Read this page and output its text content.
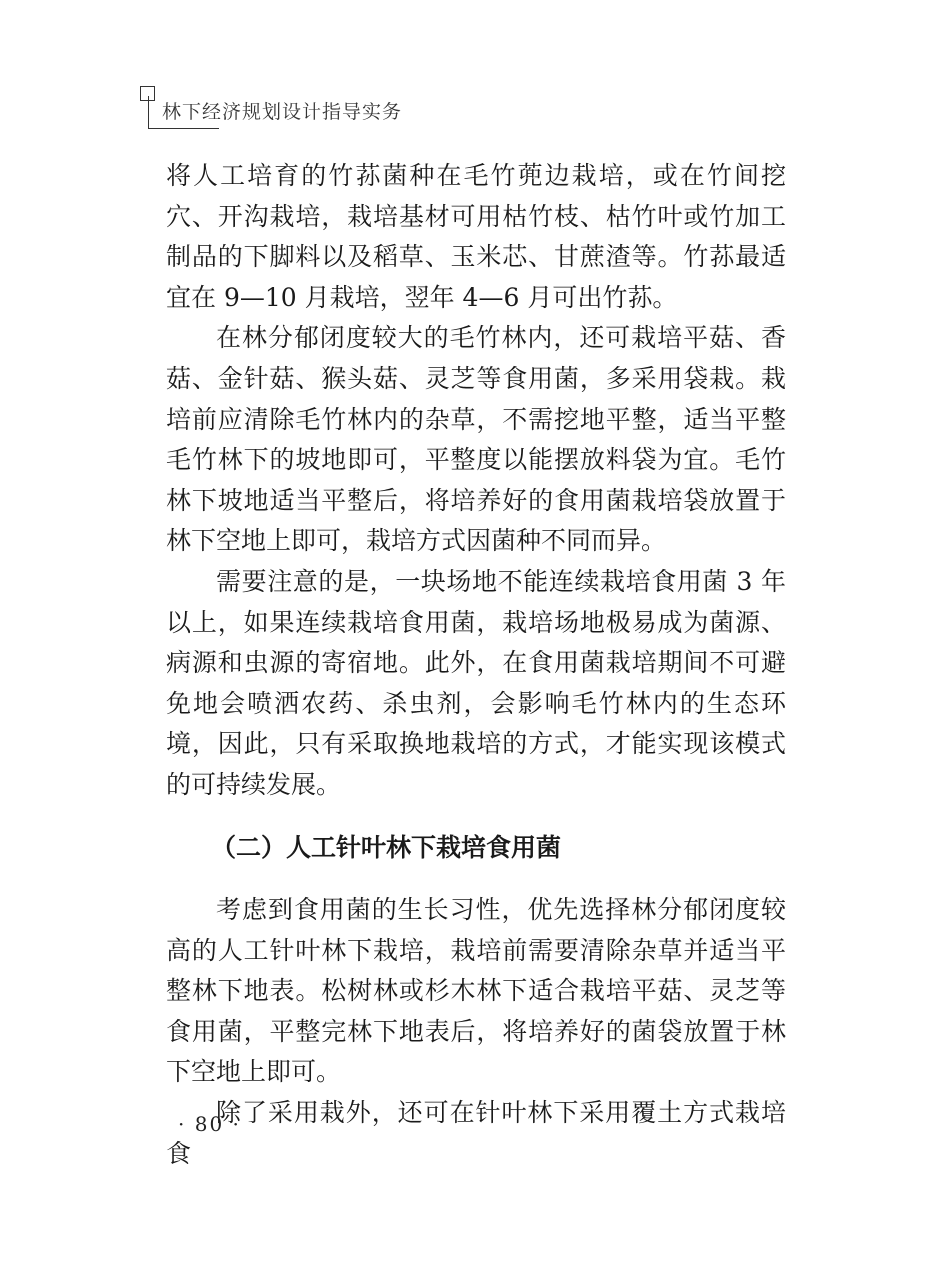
林下经济规划设计指导实务

将人工培育的竹荪菌种在毛竹蔸边栽培，或在竹间挖穴、开沟栽培，栽培基材可用枯竹枝、枯竹叶或竹加工制品的下脚料以及稻草、玉米芯、甘蔗渣等。竹荪最适宜在 9—10 月栽培，翌年 4—6 月可出竹荪。

在林分郁闭度较大的毛竹林内，还可栽培平菇、香菇、金针菇、猴头菇、灵芝等食用菌，多采用袋栽。栽培前应清除毛竹林内的杂草，不需挖地平整，适当平整毛竹林下的坡地即可，平整度以能摆放料袋为宜。毛竹林下坡地适当平整后，将培养好的食用菌栽培袋放置于林下空地上即可，栽培方式因菌种不同而异。

需要注意的是，一块场地不能连续栽培食用菌 3 年以上，如果连续栽培食用菌，栽培场地极易成为菌源、病源和虫源的寄宿地。此外，在食用菌栽培期间不可避免地会喷洒农药、杀虫剂，会影响毛竹林内的生态环境，因此，只有采取换地栽培的方式，才能实现该模式的可持续发展。

（二）人工针叶林下栽培食用菌

考虑到食用菌的生长习性，优先选择林分郁闭度较高的人工针叶林下栽培，栽培前需要清除杂草并适当平整林下地表。松树林或杉木林下适合栽培平菇、灵芝等食用菌，平整完林下地表后，将培养好的菌袋放置于林下空地上即可。

除了采用栽外，还可在针叶林下采用覆土方式栽培食

· 80 ·
